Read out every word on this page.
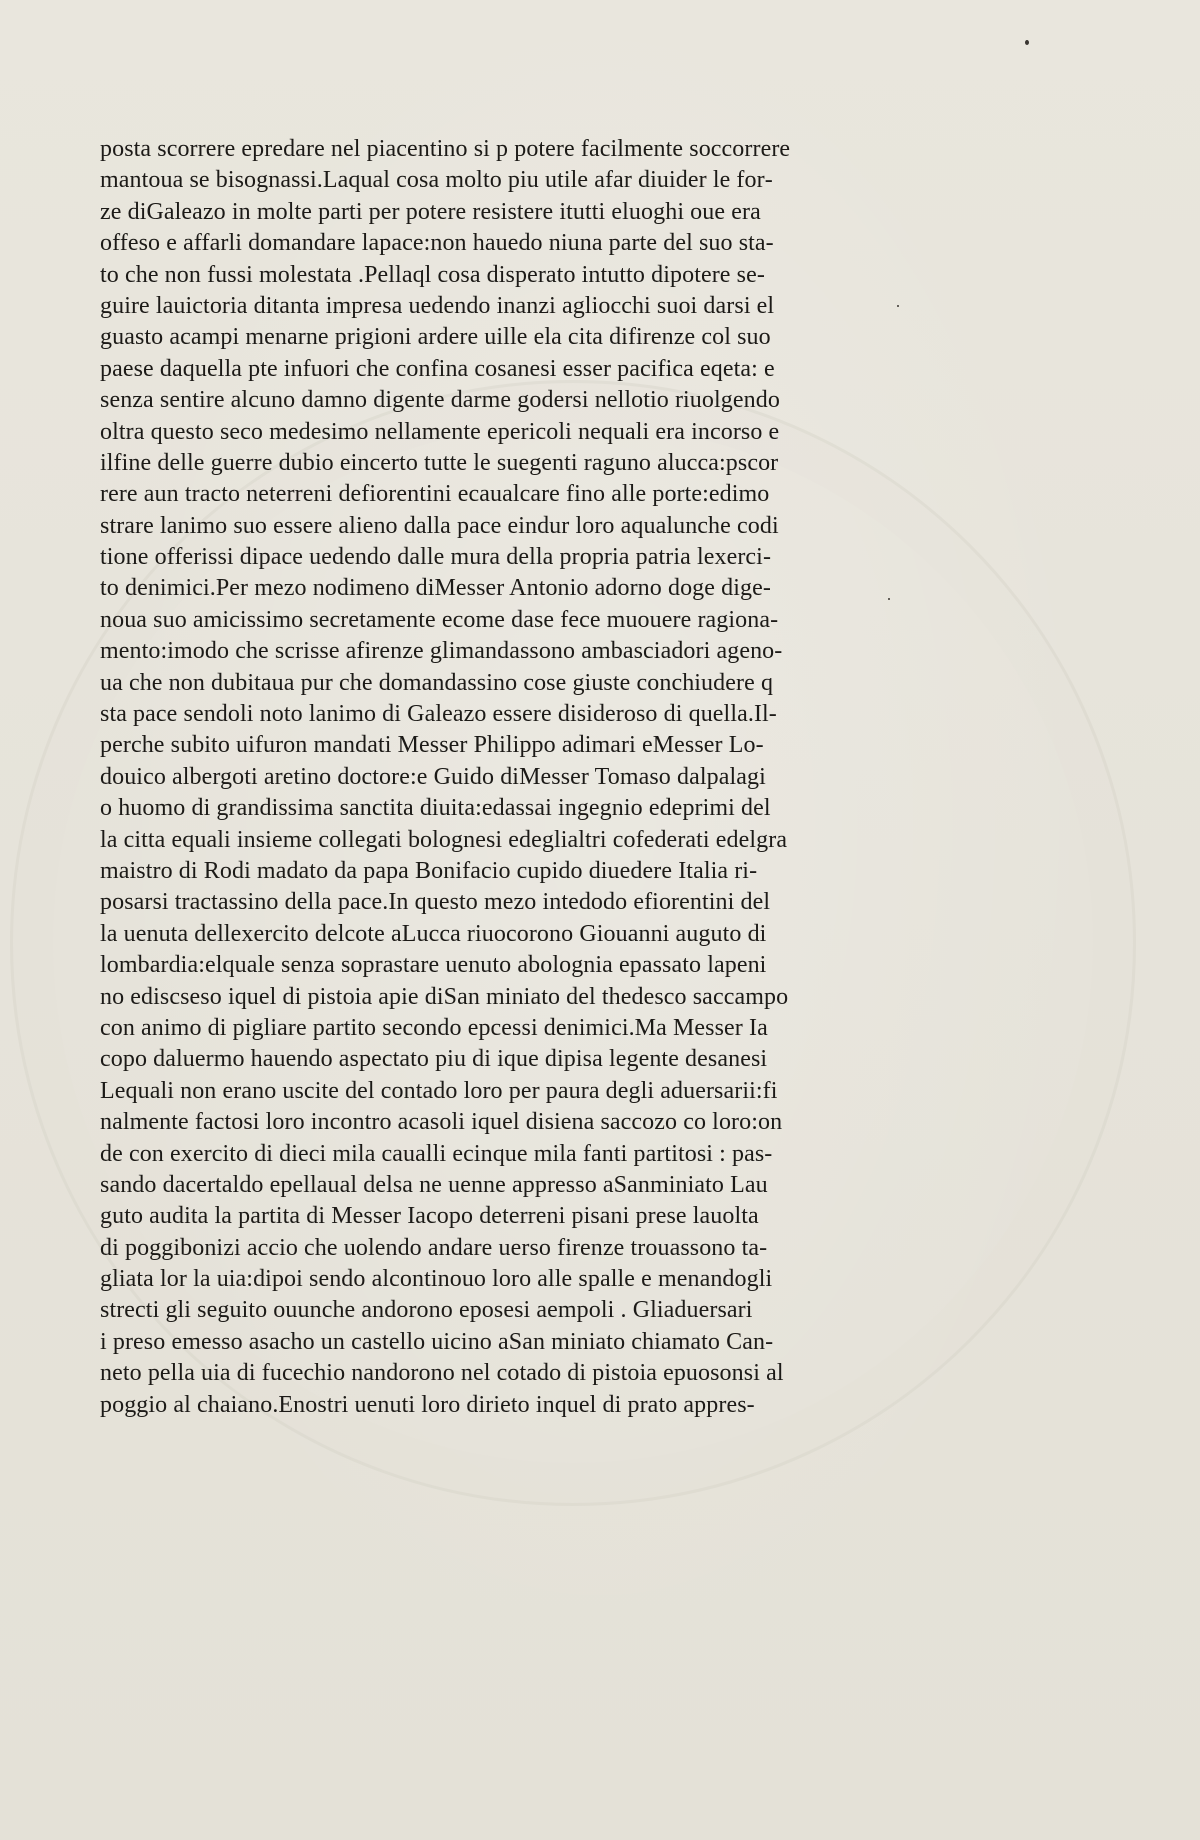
posta scorrere epredare nel piacentino si p potere facilmente soccorrere
mantoua se bisognassi.Laqual cosa molto piu utile afar diuider le for‑
ze diGaleazo in molte parti per potere resistere itutti eluoghi oue era
offeso e affarli domandare lapace:non hauedo niuna parte del suo sta‑
to che non fussi molestata .Pellaql cosa disperato intutto dipotere se‑
guire lauictoria ditanta impresa uedendo inanzi agliocchi suoi darsi el
guasto acampi menarne prigioni ardere uille ela cita difirenze col suo
paese daquella pte infuori che confina cosanesi esser pacifica eqeta: e
senza sentire alcuno damno digente darme godersi nellotio riuolgendo
oltra questo seco medesimo nellamente epericoli nequali era incorso e
ilfine delle guerre dubio eincerto tutte le suegenti raguno alucca:pscor
rere aun tracto neterreni defiorentini ecaualcare fino alle porte:edimo
strare lanimo suo essere alieno dalla pace eindur loro aqualunche codi
tione offerissi dipace uedendo dalle mura della propria patria lexerci‑
to denimici.Per mezo nodimeno diMesser Antonio adorno doge dige‑
noua suo amicissimo secretamente ecome dase fece muouere ragiona‑
mento:imodo che scrisse afirenze glimandassono ambasciadori ageno‑
ua che non dubitaua pur che domandassino cose giuste conchiudere q
sta pace sendoli noto lanimo di Galeazo essere disideroso di quella.Il‑
perche subito uifuron mandati Messer Philippo adimari eMesser Lo‑
douico albergoti aretino doctore:e Guido diMesser Tomaso dalpalagi
o huomo di grandissima sanctita diuita:edassai ingegnio edeprimi del
la citta equali insieme collegati bolognesi edeglialtri cofederati edelgra
maistro di Rodi madato da papa Bonifacio cupido diuedere Italia ri‑
posarsi tractassino della pace.In questo mezo intedodo efiorentini del
la uenuta dellexercito delcote aLucca riuocorono Giouanni auguto di
lombardia:elquale senza soprastare uenuto abolognia epassato lapeni
no ediscseso iquel di pistoia apie diSan miniato del thedesco saccampo
con animo di pigliare partito secondo epcessi denimici.Ma Messer Ia
copo daluermo hauendo aspectato piu di ique dipisa legente desanesi
Lequali non erano uscite del contado loro per paura degli aduersarii:fi
nalmente factosi loro incontro acasoli iquel disiena saccozo co loro:on
de con exercito di dieci mila caualli ecinque mila fanti partitosi : pas‑
sando dacertaldo epellaual delsa ne uenne appresso aSanminiato Lau
guto audita la partita di Messer Iacopo deterreni pisani prese lauolta
di poggibonizi accio che uolendo andare uerso firenze trouassono ta‑
gliata lor la uia:dipoi sendo alcontinouo loro alle spalle e menandogli
strecti gli seguito ouunche andorono eposesi aempoli . Gliaduersari
i preso emesso asacho un castello uicino aSan miniato chiamato Can‑
neto pella uia di fucechio nandorono nel cotado di pistoia epuosonsi al
poggio al chaiano.Enostri uenuti loro dirieto inquel di prato appres‑
